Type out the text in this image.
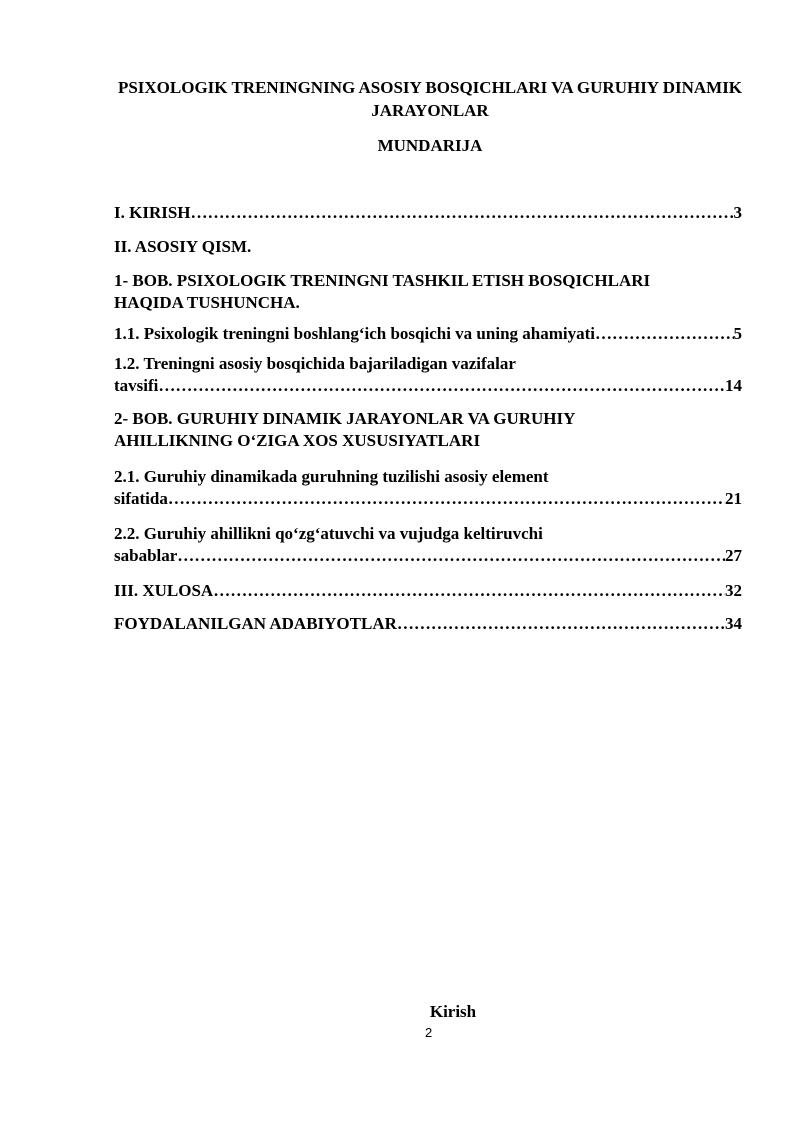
PSIXOLOGIK TRENINGNING ASOSIY BOSQICHLARI VA GURUHIY DINAMIK JARAYONLAR
MUNDARIJA
I. KIRISH …………………………………………………………………………………………………………………………………………………………	3
II. ASOSIY QISM.
1- BOB. PSIXOLOGIK TRENINGNI TASHKIL ETISH BOSQICHLARI HAQIDA TUSHUNCHA.
1.1. Psixologik treningni boshlang‘ich bosqichi va uning ahamiyati …………………………………………………………………………………………………………………………………………………………	5
1.2. Treningni asosiy bosqichida bajariladigan vazifalar
tavsifi …………………………………………………………………………………………………………………………………………………………	14
2- BOB. GURUHIY DINAMIK JARAYONLAR VA GURUHIY AHILLIKNING O‘ZIGA XOS XUSUSIYATLARI
2.1. Guruhiy dinamikada guruhning tuzilishi asosiy element
sifatida …………………………………………………………………………………………………………………………………………………………	21
2.2. Guruhiy ahillikni qo‘zg‘atuvchi va vujudga keltiruvchi
sabablar …………………………………………………………………………………………………………………………………………………………	27
III. XULOSA …………………………………………………………………………………………………………………………………………………………	32
FOYDALANILGAN ADABIYOTLAR …………………………………………………………………………………………………………………………………………………………	34
Kirish
2
